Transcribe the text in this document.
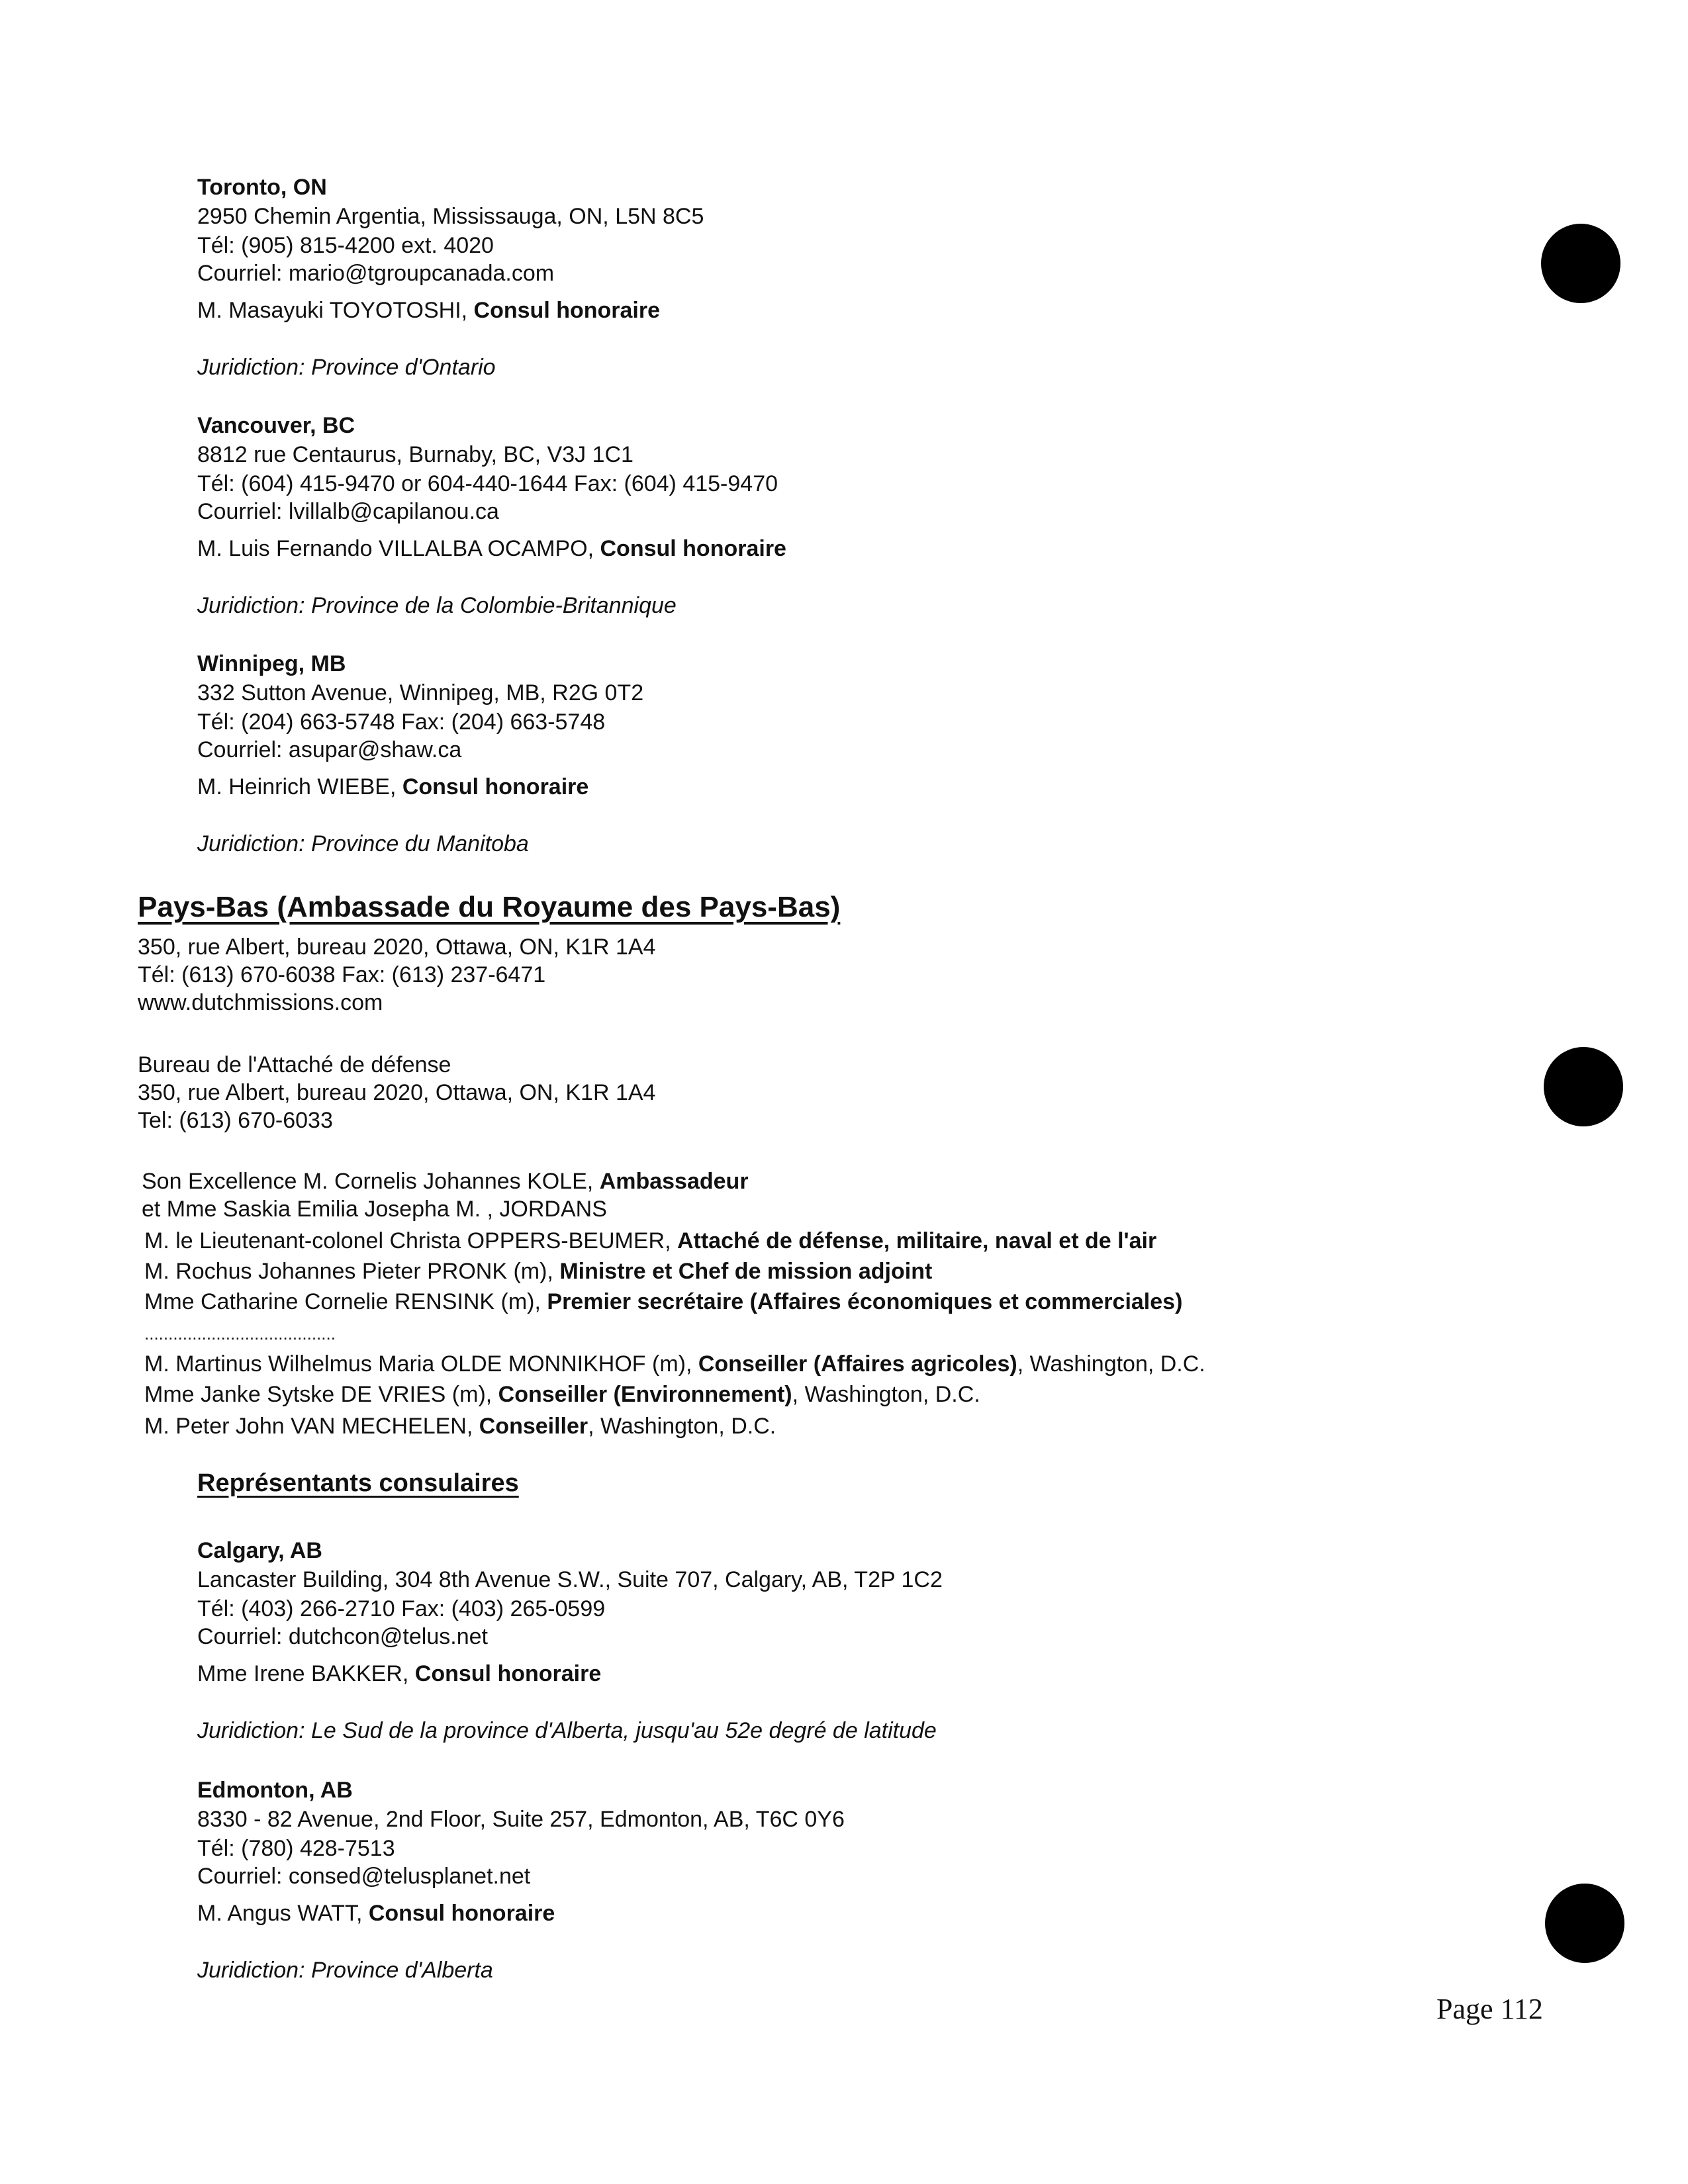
Toronto, ON
2950 Chemin Argentia, Mississauga, ON, L5N 8C5
Tél: (905) 815-4200 ext. 4020
Courriel: mario@tgroupcanada.com
M. Masayuki TOYOTOSHI, Consul honoraire
Juridiction: Province d'Ontario
Vancouver, BC
8812 rue Centaurus, Burnaby, BC, V3J 1C1
Tél: (604) 415-9470 or 604-440-1644 Fax: (604) 415-9470
Courriel: lvillalb@capilanou.ca
M. Luis Fernando VILLALBA OCAMPO, Consul honoraire
Juridiction: Province de la Colombie-Britannique
Winnipeg, MB
332 Sutton Avenue, Winnipeg, MB, R2G 0T2
Tél: (204) 663-5748 Fax: (204) 663-5748
Courriel: asupar@shaw.ca
M. Heinrich WIEBE, Consul honoraire
Juridiction: Province du Manitoba
Pays-Bas (Ambassade du Royaume des Pays-Bas)
350, rue Albert, bureau 2020, Ottawa, ON, K1R 1A4
Tél: (613) 670-6038 Fax: (613) 237-6471
www.dutchmissions.com
Bureau de l'Attaché de défense
350, rue Albert, bureau 2020, Ottawa, ON, K1R 1A4
Tel: (613) 670-6033
Son Excellence M. Cornelis Johannes KOLE, Ambassadeur
et Mme Saskia Emilia Josepha M. , JORDANS
M. le Lieutenant-colonel Christa OPPERS-BEUMER, Attaché de défense, militaire, naval et de l'air
M. Rochus Johannes Pieter PRONK (m), Ministre et Chef de mission adjoint
Mme Catharine Cornelie RENSINK (m), Premier secrétaire (Affaires économiques et commerciales)
........................................
M. Martinus Wilhelmus Maria OLDE MONNIKHOF (m), Conseiller (Affaires agricoles), Washington, D.C.
Mme Janke Sytske DE VRIES (m), Conseiller (Environnement), Washington, D.C.
M. Peter John VAN MECHELEN, Conseiller, Washington, D.C.
Représentants consulaires
Calgary, AB
Lancaster Building, 304 8th Avenue S.W., Suite 707, Calgary, AB, T2P 1C2
Tél: (403) 266-2710 Fax: (403) 265-0599
Courriel: dutchcon@telus.net
Mme Irene BAKKER, Consul honoraire
Juridiction: Le Sud de la province d'Alberta, jusqu'au 52e degré de latitude
Edmonton, AB
8330 - 82 Avenue, 2nd Floor, Suite 257, Edmonton, AB, T6C 0Y6
Tél: (780) 428-7513
Courriel: consed@telusplanet.net
M. Angus WATT, Consul honoraire
Juridiction: Province d'Alberta
Page 112
